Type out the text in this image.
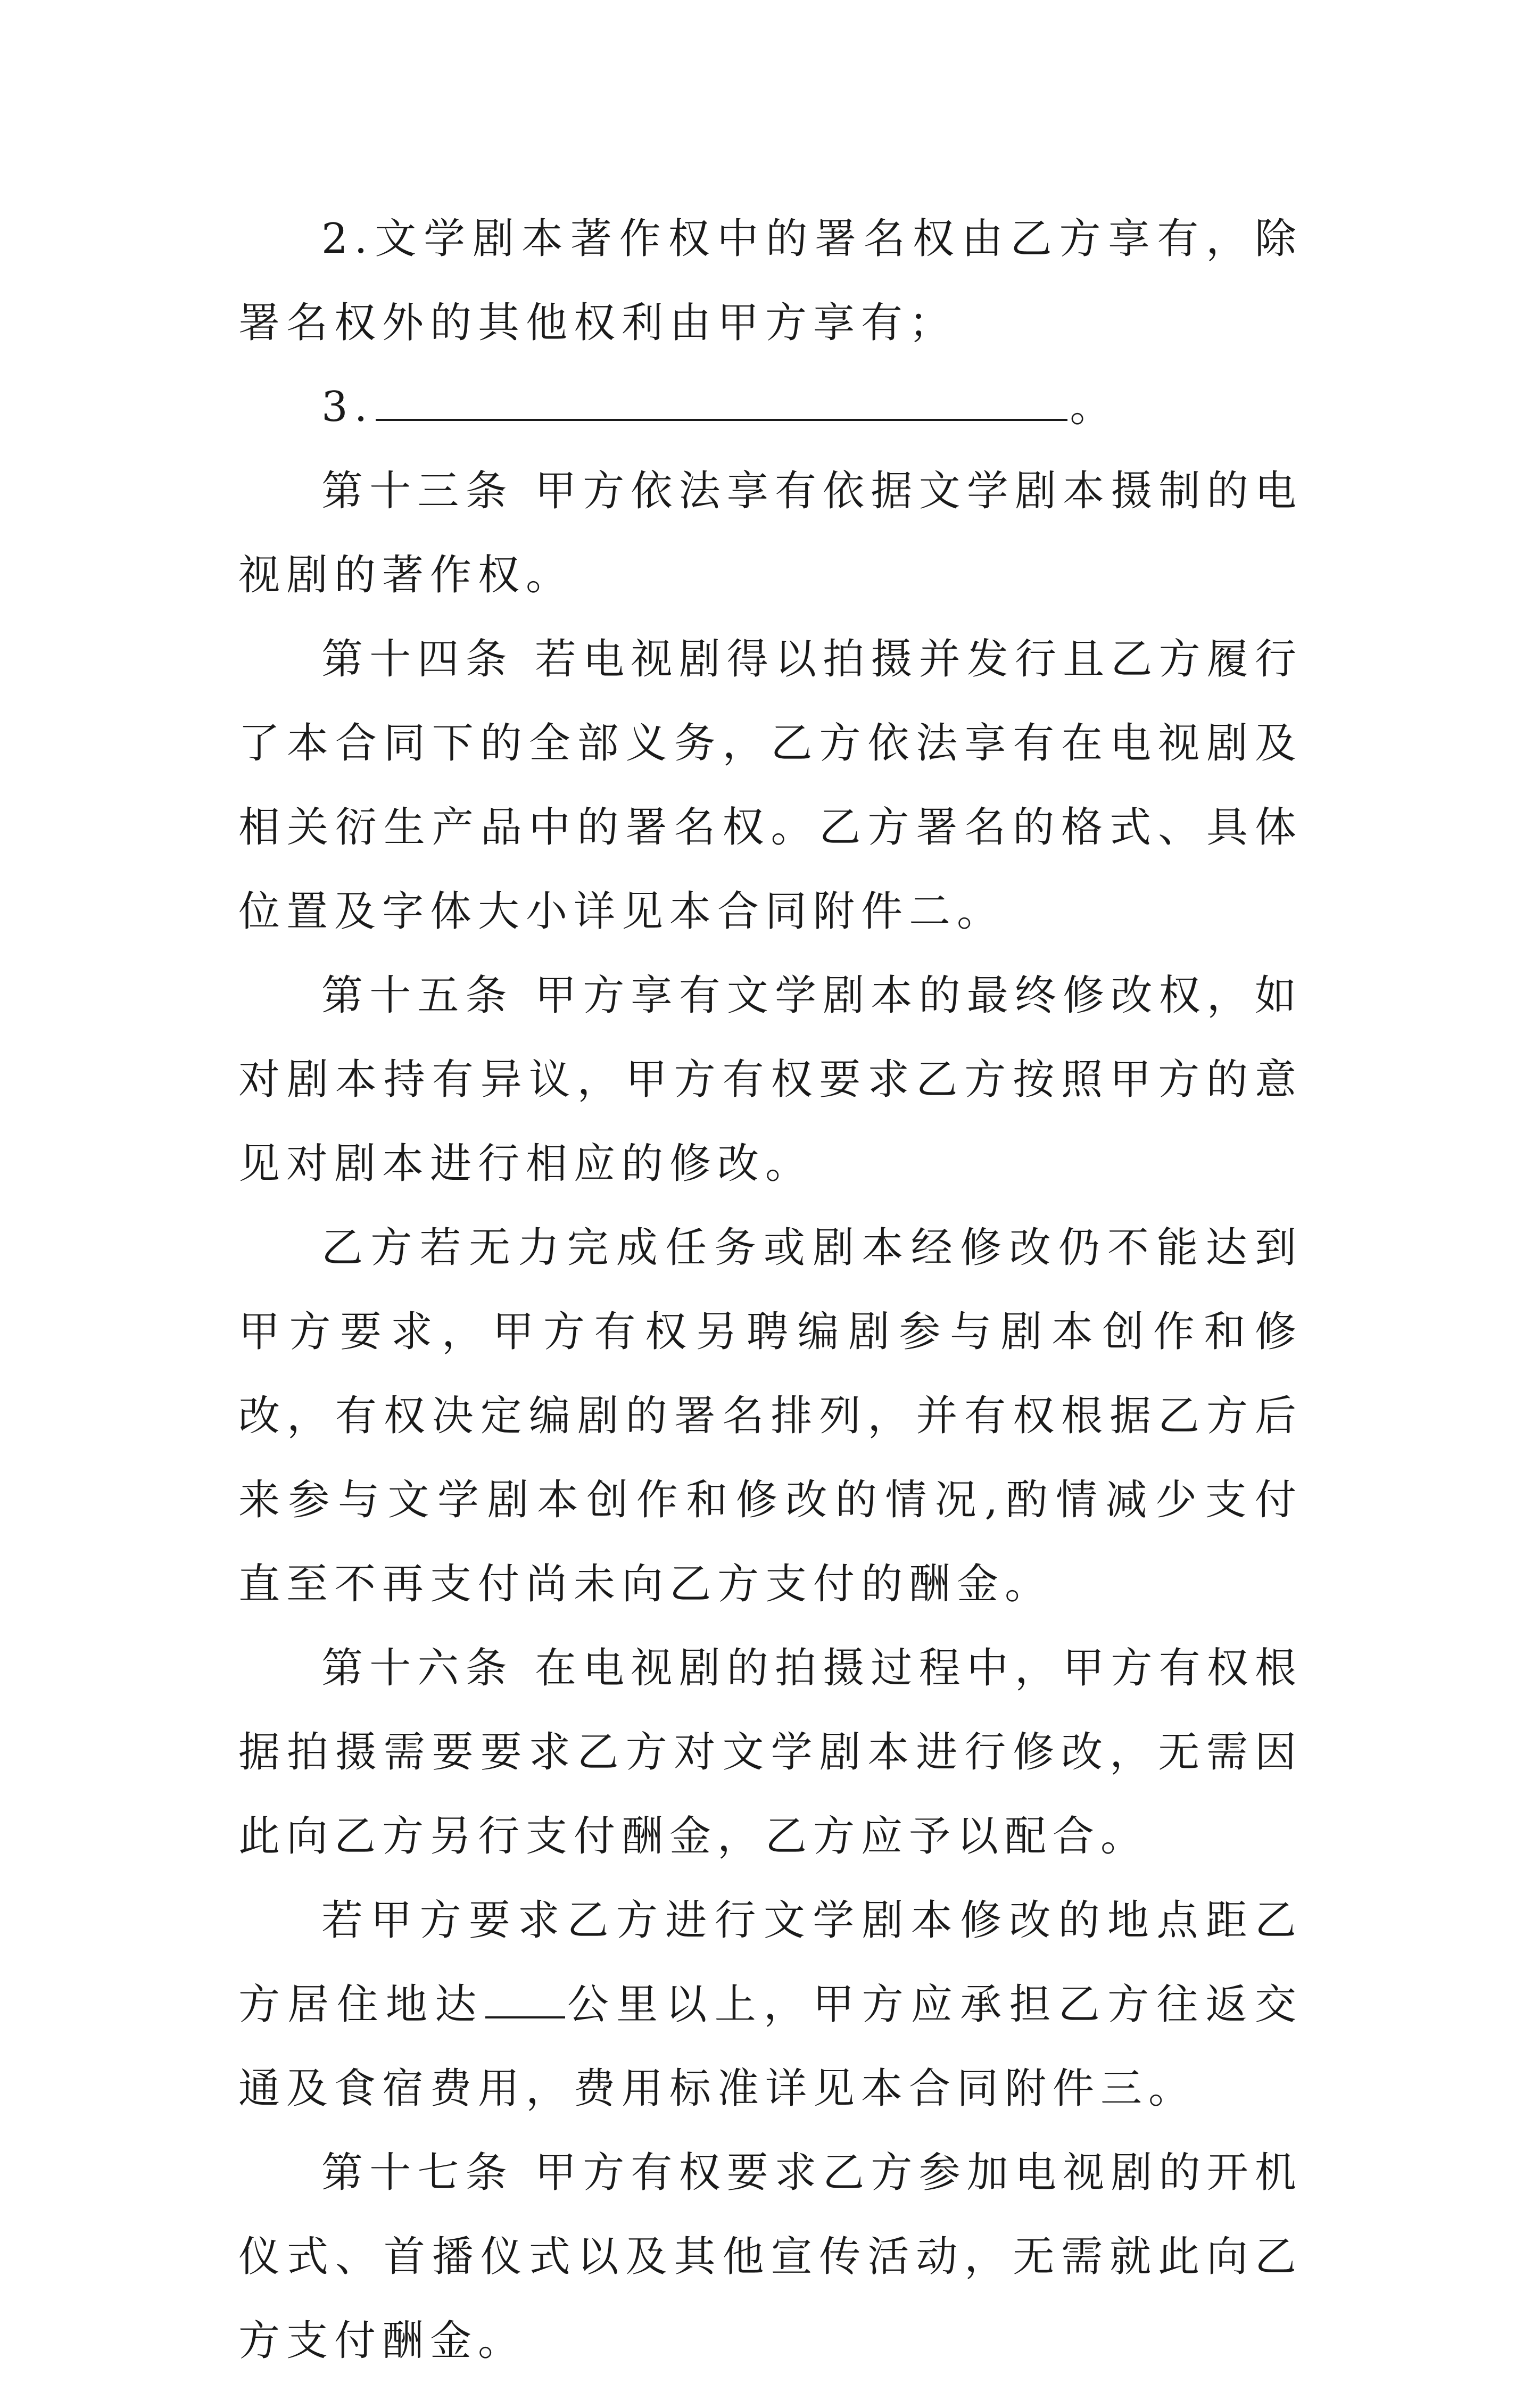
2.文学剧本著作权中的署名权由乙方享有，除署名权外的其他权利由甲方享有；

3.	。

第十三条 甲方依法享有依据文学剧本摄制的电视剧的著作权。

第十四条 若电视剧得以拍摄并发行且乙方履行了本合同下的全部义务，乙方依法享有在电视剧及相关衍生产品中的署名权。乙方署名的格式、具体位置及字体大小详见本合同附件二。

第十五条 甲方享有文学剧本的最终修改权，如对剧本持有异议，甲方有权要求乙方按照甲方的意见对剧本进行相应的修改。

乙方若无力完成任务或剧本经修改仍不能达到甲方要求，甲方有权另聘编剧参与剧本创作和修改，有权决定编剧的署名排列，并有权根据乙方后来参与文学剧本创作和修改的情况,酌情减少支付直至不再支付尚未向乙方支付的酬金。

第十六条 在电视剧的拍摄过程中，甲方有权根据拍摄需要要求乙方对文学剧本进行修改，无需因此向乙方另行支付酬金，乙方应予以配合。

若甲方要求乙方进行文学剧本修改的地点距乙方居住地达 公里以上，甲方应承担乙方往返交通及食宿费用，费用标准详见本合同附件三。

第十七条 甲方有权要求乙方参加电视剧的开机仪式、首播仪式以及其他宣传活动，无需就此向乙方支付酬金。
